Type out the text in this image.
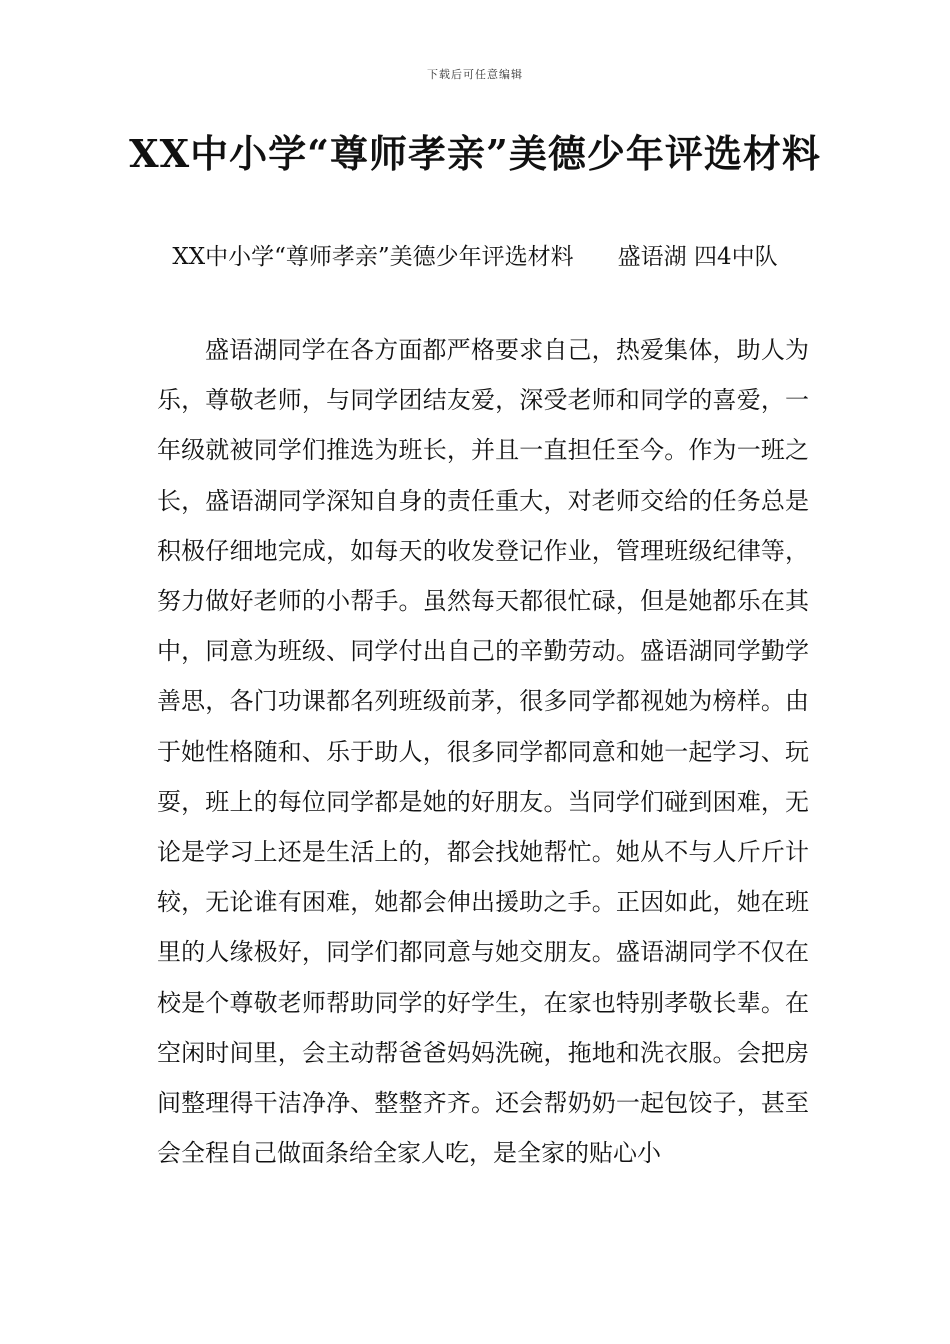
下载后可任意编辑
XX中小学“尊师孝亲”美德少年评选材料

XX中小学“尊师孝亲”美德少年评选材料 盛语湖 四4中队

盛语湖同学在各方面都严格要求自己，热爱集体，助人为乐，尊敬老师，与同学团结友爱，深受老师和同学的喜爱，一年级就被同学们推选为班长，并且一直担任至今。作为一班之长，盛语湖同学深知自身的责任重大，对老师交给的任务总是积极仔细地完成，如每天的收发登记作业，管理班级纪律等，努力做好老师的小帮手。虽然每天都很忙碌，但是她都乐在其中，同意为班级、同学付出自己的辛勤劳动。盛语湖同学勤学善思，各门功课都名列班级前茅，很多同学都视她为榜样。由于她性格随和、乐于助人，很多同学都同意和她一起学习、玩耍，班上的每位同学都是她的好朋友。当同学们碰到困难，无论是学习上还是生活上的，都会找她帮忙。她从不与人斤斤计较，无论谁有困难，她都会伸出援助之手。正因如此，她在班里的人缘极好，同学们都同意与她交朋友。盛语湖同学不仅在校是个尊敬老师帮助同学的好学生，在家也特别孝敬长辈。在空闲时间里，会主动帮爸爸妈妈洗碗，拖地和洗衣服。会把房间整理得干洁净净、整整齐齐。还会帮奶奶一起包饺子，甚至会全程自己做面条给全家人吃，是全家的贴心小
